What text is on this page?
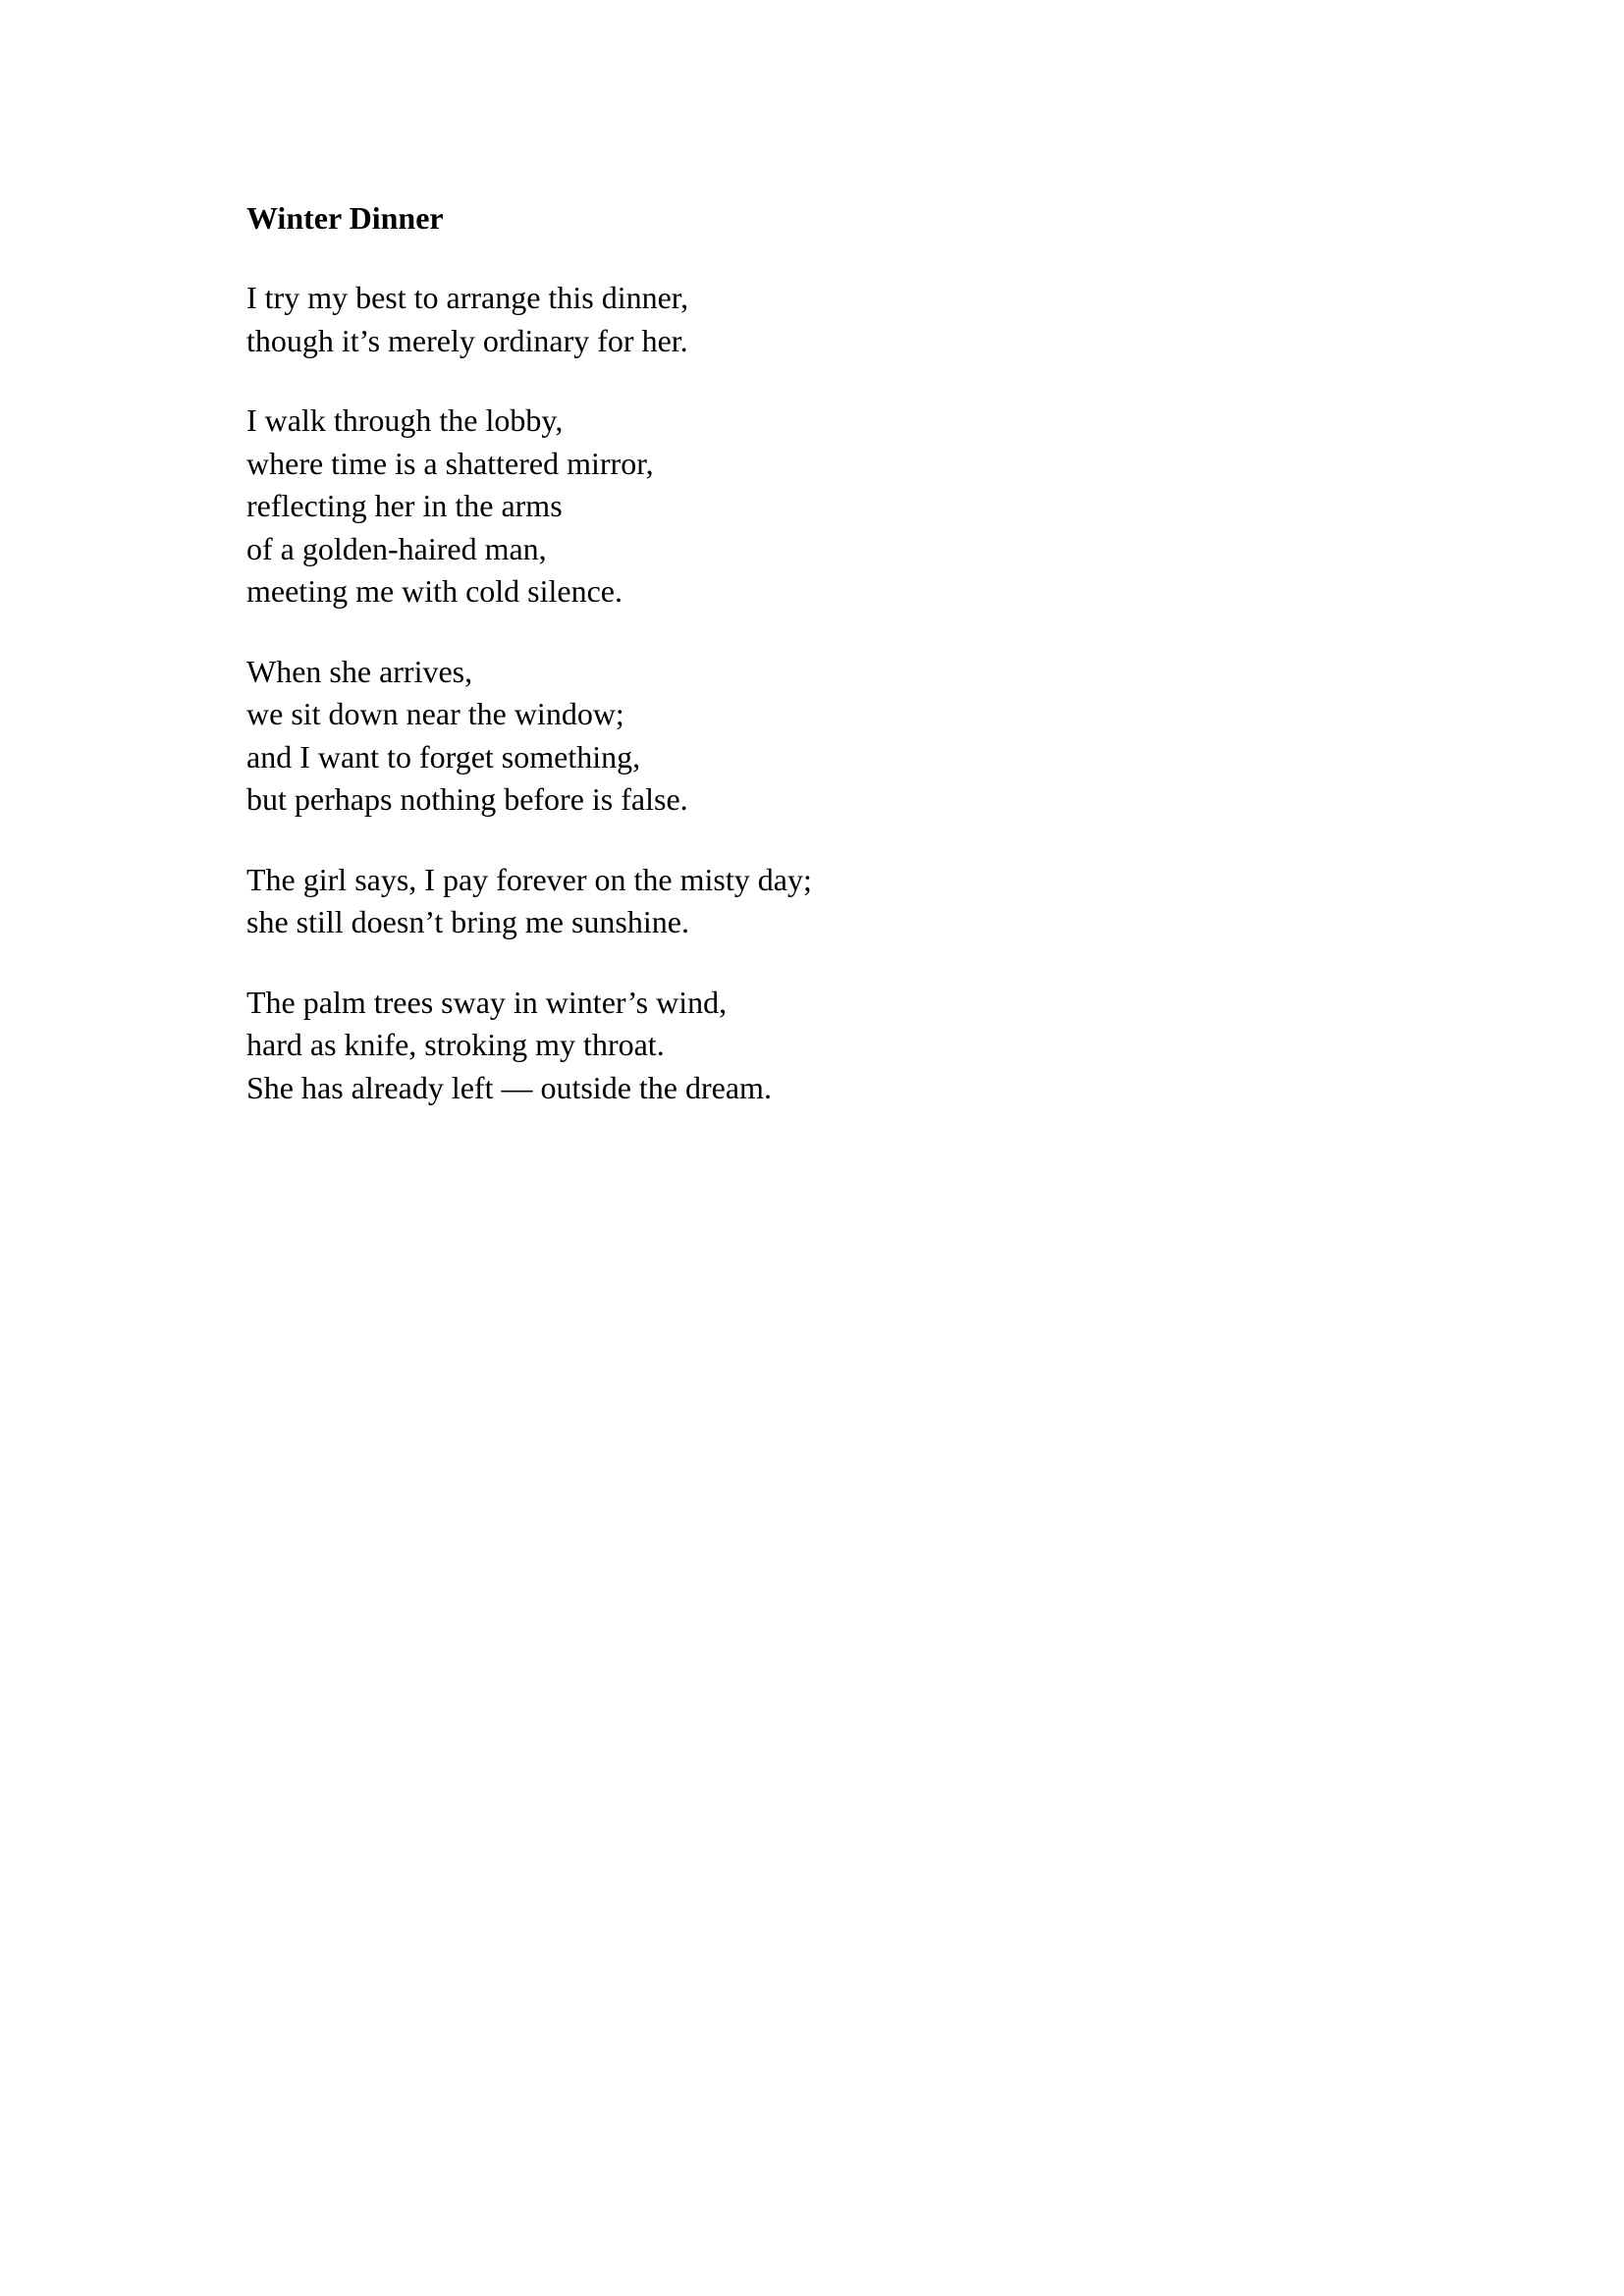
Winter Dinner
I try my best to arrange this dinner,
though it’s merely ordinary for her.
I walk through the lobby,
where time is a shattered mirror,
reflecting her in the arms
of a golden-haired man,
meeting me with cold silence.
When she arrives,
we sit down near the window;
and I want to forget something,
but perhaps nothing before is false.
The girl says, I pay forever on the misty day;
she still doesn’t bring me sunshine.
The palm trees sway in winter’s wind,
hard as knife, stroking my throat.
She has already left — outside the dream.
